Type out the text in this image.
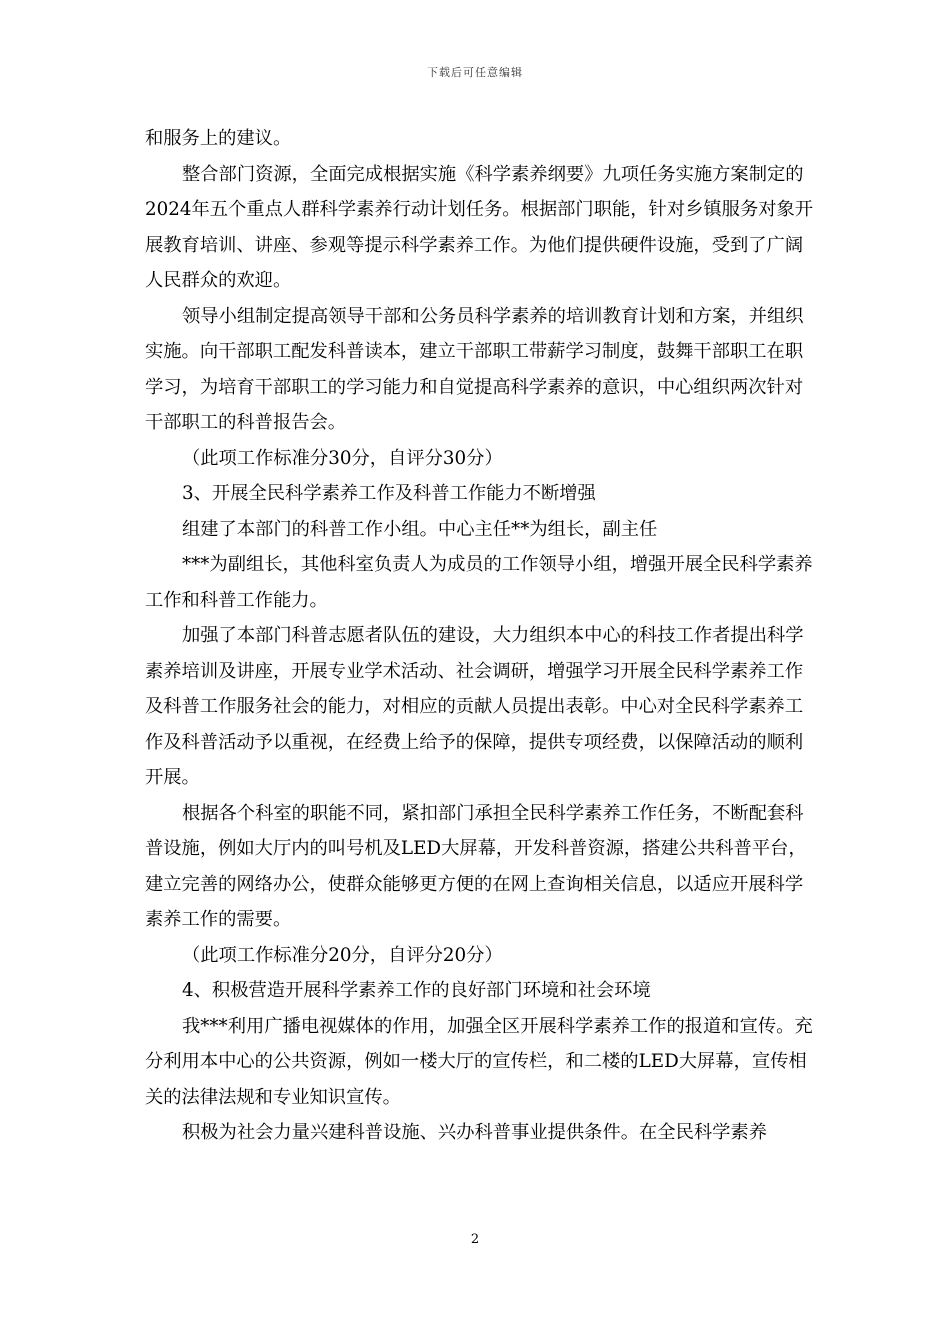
下载后可任意编辑

和服务上的建议。

整合部门资源，全面完成根据实施《科学素养纲要》九项任务实施方案制定的2024年五个重点人群科学素养行动计划任务。根据部门职能，针对乡镇服务对象开展教育培训、讲座、参观等提示科学素养工作。为他们提供硬件设施，受到了广阔人民群众的欢迎。

领导小组制定提高领导干部和公务员科学素养的培训教育计划和方案，并组织实施。向干部职工配发科普读本，建立干部职工带薪学习制度，鼓舞干部职工在职学习，为培育干部职工的学习能力和自觉提高科学素养的意识，中心组织两次针对干部职工的科普报告会。

（此项工作标准分30分，自评分30分）

3、开展全民科学素养工作及科普工作能力不断增强

组建了本部门的科普工作小组。中心主任**为组长，副主任

***为副组长，其他科室负责人为成员的工作领导小组，增强开展全民科学素养工作和科普工作能力。

加强了本部门科普志愿者队伍的建设，大力组织本中心的科技工作者提出科学素养培训及讲座，开展专业学术活动、社会调研，增强学习开展全民科学素养工作及科普工作服务社会的能力，对相应的贡献人员提出表彰。中心对全民科学素养工作及科普活动予以重视，在经费上给予的保障，提供专项经费，以保障活动的顺利开展。

根据各个科室的职能不同，紧扣部门承担全民科学素养工作任务，不断配套科普设施，例如大厅内的叫号机及LED大屏幕，开发科普资源，搭建公共科普平台，建立完善的网络办公，使群众能够更方便的在网上查询相关信息，以适应开展科学素养工作的需要。

（此项工作标准分20分，自评分20分）

4、积极营造开展科学素养工作的良好部门环境和社会环境

我***利用广播电视媒体的作用，加强全区开展科学素养工作的报道和宣传。充分利用本中心的公共资源，例如一楼大厅的宣传栏，和二楼的LED大屏幕，宣传相关的法律法规和专业知识宣传。

积极为社会力量兴建科普设施、兴办科普事业提供条件。在全民科学素养

2
